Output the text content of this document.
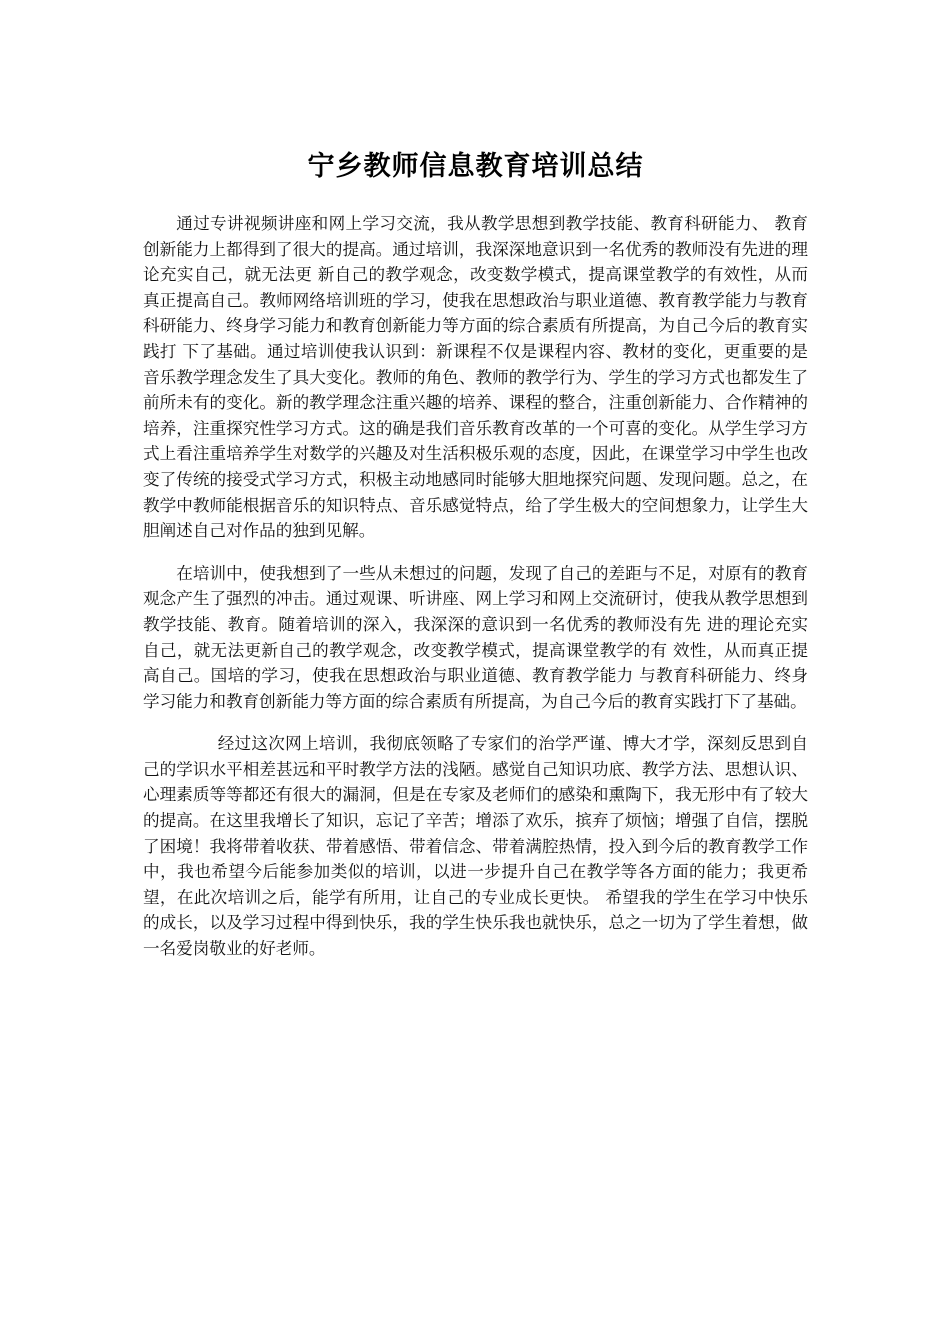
宁乡教师信息教育培训总结

通过专讲视频讲座和网上学习交流，我从教学思想到教学技能、教育科研能力、 教育创新能力上都得到了很大的提高。通过培训，我深深地意识到一名优秀的教师没有先进的理论充实自己，就无法更 新自己的教学观念，改变数学模式，提高课堂教学的有效性，从而真正提高自己。教师网络培训班的学习，使我在思想政治与职业道德、教育教学能力与教育科研能力、终身学习能力和教育创新能力等方面的综合素质有所提高，为自己今后的教育实践打 下了基础。通过培训使我认识到：新课程不仅是课程内容、教材的变化，更重要的是音乐教学理念发生了具大变化。教师的角色、教师的教学行为、学生的学习方式也都发生了前所未有的变化。新的教学理念注重兴趣的培养、课程的整合，注重创新能力、合作精神的培养，注重探究性学习方式。这的确是我们音乐教育改革的一个可喜的变化。从学生学习方式上看注重培养学生对数学的兴趣及对生活积极乐观的态度，因此，在课堂学习中学生也改变了传统的接受式学习方式，积极主动地感同时能够大胆地探究问题、发现问题。总之，在教学中教师能根据音乐的知识特点、音乐感觉特点，给了学生极大的空间想象力，让学生大胆阐述自己对作品的独到见解。

在培训中，使我想到了一些从未想过的问题，发现了自己的差距与不足，对原有的教育观念产生了强烈的冲击。通过观课、听讲座、网上学习和网上交流研讨，使我从教学思想到教学技能、教育。随着培训的深入，我深深的意识到一名优秀的教师没有先 进的理论充实自己，就无法更新自己的教学观念，改变教学模式，提高课堂教学的有 效性，从而真正提高自己。国培的学习，使我在思想政治与职业道德、教育教学能力 与教育科研能力、终身学习能力和教育创新能力等方面的综合素质有所提高，为自己今后的教育实践打下了基础。

经过这次网上培训，我彻底领略了专家们的治学严谨、博大才学，深刻反思到自己的学识水平相差甚远和平时教学方法的浅陋。感觉自己知识功底、教学方法、思想认识、心理素质等等都还有很大的漏洞，但是在专家及老师们的感染和熏陶下，我无形中有了较大的提高。在这里我增长了知识，忘记了辛苦；增添了欢乐，摈弃了烦恼；增强了自信，摆脱了困境！我将带着收获、带着感悟、带着信念、带着满腔热情，投入到今后的教育教学工作中，我也希望今后能参加类似的培训，以进一步提升自己在教学等各方面的能力；我更希望，在此次培训之后，能学有所用，让自己的专业成长更快。 希望我的学生在学习中快乐的成长，以及学习过程中得到快乐，我的学生快乐我也就快乐，总之一切为了学生着想，做一名爱岗敬业的好老师。
